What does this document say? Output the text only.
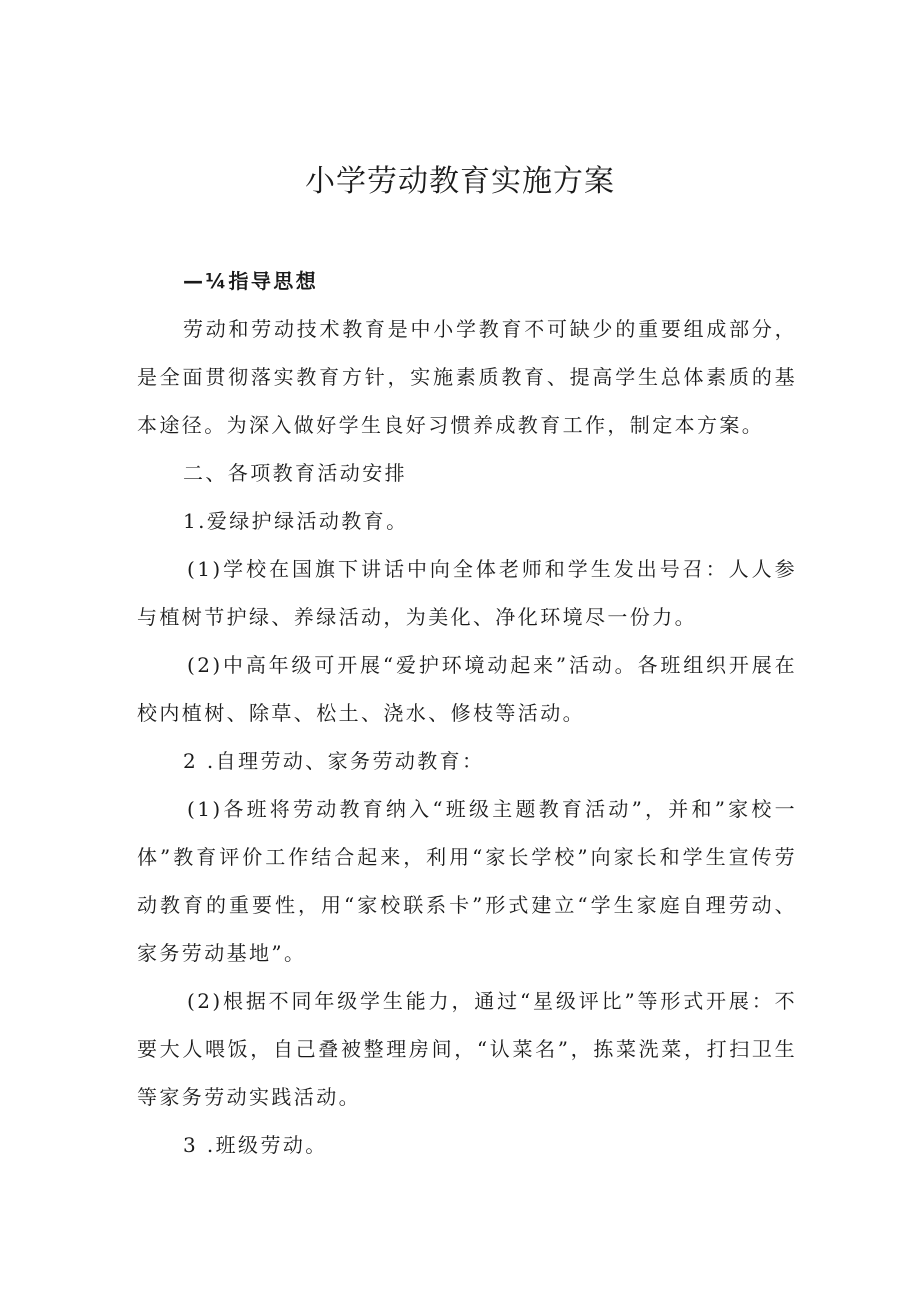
小学劳动教育实施方案

—¼指导思想

劳动和劳动技术教育是中小学教育不可缺少的重要组成部分，是全面贯彻落实教育方针，实施素质教育、提高学生总体素质的基本途径。为深入做好学生良好习惯养成教育工作，制定本方案。

二、各项教育活动安排

1.爱绿护绿活动教育。

(1)学校在国旗下讲话中向全体老师和学生发出号召：人人参与植树节护绿、养绿活动，为美化、净化环境尽一份力。

(2)中高年级可开展“爱护环境动起来”活动。各班组织开展在校内植树、除草、松土、浇水、修枝等活动。

2 .自理劳动、家务劳动教育：

(1)各班将劳动教育纳入“班级主题教育活动”，并和”家校一体”教育评价工作结合起来，利用“家长学校”向家长和学生宣传劳动教育的重要性，用“家校联系卡”形式建立“学生家庭自理劳动、家务劳动基地”。

(2)根据不同年级学生能力，通过“星级评比”等形式开展：不要大人喂饭，自己叠被整理房间，“认菜名”，拣菜洗菜，打扫卫生等家务劳动实践活动。

3 .班级劳动。
